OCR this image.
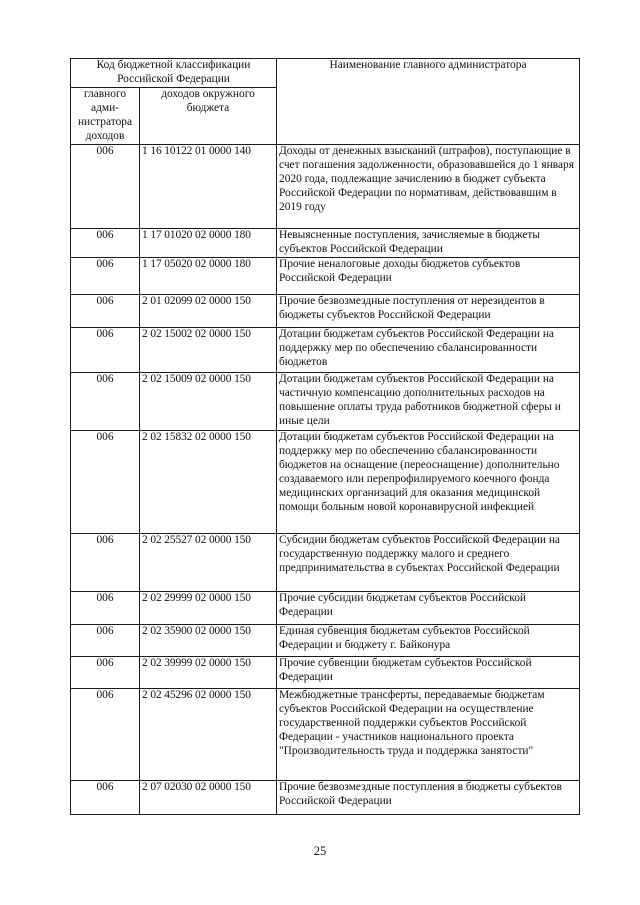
Код бюджетной классификации Российской Федерации		Наименование главного администратора
главного адми-нистратора доходов	доходов окружного бюджета	
006	1 16 10122 01 0000 140	Доходы от денежных взысканий (штрафов), поступающие в счет погашения задолженности, образовавшейся до 1 января 2020 года, подлежащие зачислению в бюджет субъекта Российской Федерации по нормативам, действовавшим в 2019 году
006	1 17 01020 02 0000 180	Невыясненные поступления, зачисляемые в бюджеты субъектов Российской Федерации
006	1 17 05020 02 0000 180	Прочие неналоговые доходы бюджетов субъектов Российской Федерации
006	2 01 02099 02 0000 150	Прочие безвозмездные поступления от нерезидентов в бюджеты субъектов Российской Федерации
006	2 02 15002 02 0000 150	Дотации бюджетам субъектов Российской Федерации на поддержку мер по обеспечению сбалансированности бюджетов
006	2 02 15009 02 0000 150	Дотации бюджетам субъектов Российской Федерации на частичную компенсацию дополнительных расходов на повышение оплаты труда работников бюджетной сферы и иные цели
006	2 02 15832 02 0000 150	Дотации бюджетам субъектов Российской Федерации на поддержку мер по обеспечению сбалансированности бюджетов на оснащение (переоснащение) дополнительно создаваемого или перепрофилируемого коечного фонда медицинских организаций для оказания медицинской помощи больным новой коронавирусной инфекцией
006	2 02 25527 02 0000 150	Субсидии бюджетам субъектов Российской Федерации на государственную поддержку малого и среднего предпринимательства в субъектах Российской Федерации
006	2 02 29999 02 0000 150	Прочие субсидии бюджетам субъектов Российской Федерации
006	2 02 35900 02 0000 150	Единая субвенция бюджетам субъектов Российской Федерации и бюджету г. Байконура
006	2 02 39999 02 0000 150	Прочие субвенции бюджетам субъектов Российской Федерации
006	2 02 45296 02 0000 150	Межбюджетные трансферты, передаваемые бюджетам субъектов Российской Федерации на осуществление государственной поддержки субъектов Российской Федерации - участников национального проекта "Производительность труда и поддержка занятости"
006	2 07 02030 02 0000 150	Прочие безвозмездные поступления в бюджеты субъектов Российской Федерации
25
